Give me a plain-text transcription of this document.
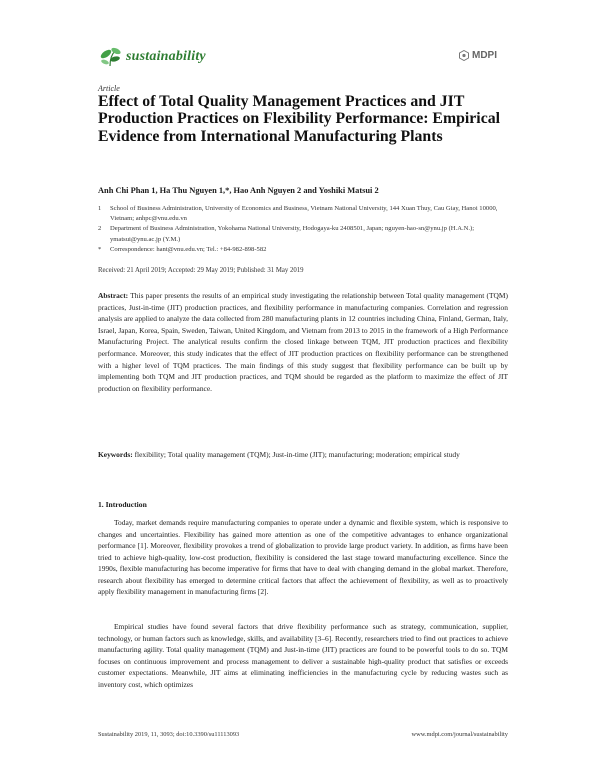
sustainability	MDPI
Article
Effect of Total Quality Management Practices and JIT Production Practices on Flexibility Performance: Empirical Evidence from International Manufacturing Plants
Anh Chi Phan 1, Ha Thu Nguyen 1,*, Hao Anh Nguyen 2 and Yoshiki Matsui 2
1	School of Business Administration, University of Economics and Business, Vietnam National University, 144 Xuan Thuy, Cau Giay, Hanoi 10000, Vietnam; anhpc@vnu.edu.vn
2	Department of Business Administration, Yokohama National University, Hodogaya-ku 2408501, Japan; nguyen-hao-sn@ynu.jp (H.A.N.); ymatsui@ynu.ac.jp (Y.M.)
*	Correspondence: hant@vnu.edu.vn; Tel.: +84-982-898-582
Received: 21 April 2019; Accepted: 29 May 2019; Published: 31 May 2019

Abstract: This paper presents the results of an empirical study investigating the relationship between Total quality management (TQM) practices, Just-in-time (JIT) production practices, and flexibility performance in manufacturing companies. Correlation and regression analysis are applied to analyze the data collected from 280 manufacturing plants in 12 countries including China, Finland, German, Italy, Israel, Japan, Korea, Spain, Sweden, Taiwan, United Kingdom, and Vietnam from 2013 to 2015 in the framework of a High Performance Manufacturing Project. The analytical results confirm the closed linkage between TQM, JIT production practices and flexibility performance. Moreover, this study indicates that the effect of JIT production practices on flexibility performance can be strengthened with a higher level of TQM practices. The main findings of this study suggest that flexibility performance can be built up by implementing both TQM and JIT production practices, and TQM should be regarded as the platform to maximize the effect of JIT production on flexibility performance.

Keywords: flexibility; Total quality management (TQM); Just-in-time (JIT); manufacturing; moderation; empirical study

1. Introduction

Today, market demands require manufacturing companies to operate under a dynamic and flexible system, which is responsive to changes and uncertainties. Flexibility has gained more attention as one of the competitive advantages to enhance organizational performance [1]. Moreover, flexibility provokes a trend of globalization to provide large product variety. In addition, as firms have been tried to achieve high-quality, low-cost production, flexibility is considered the last stage toward manufacturing excellence. Since the 1990s, flexible manufacturing has become imperative for firms that have to deal with changing demand in the global market. Therefore, research about flexibility has emerged to determine critical factors that affect the achievement of flexibility, as well as to proactively apply flexibility management in manufacturing firms [2].

Empirical studies have found several factors that drive flexibility performance such as strategy, communication, supplier, technology, or human factors such as knowledge, skills, and availability [3–6]. Recently, researchers tried to find out practices to achieve manufacturing agility. Total quality management (TQM) and Just-in-time (JIT) practices are found to be powerful tools to do so. TQM focuses on continuous improvement and process management to deliver a sustainable high-quality product that satisfies or exceeds customer expectations. Meanwhile, JIT aims at eliminating inefficiencies in the manufacturing cycle by reducing wastes such as inventory cost, which optimizes

Sustainability 2019, 11, 3093; doi:10.3390/su11113093	www.mdpi.com/journal/sustainability
